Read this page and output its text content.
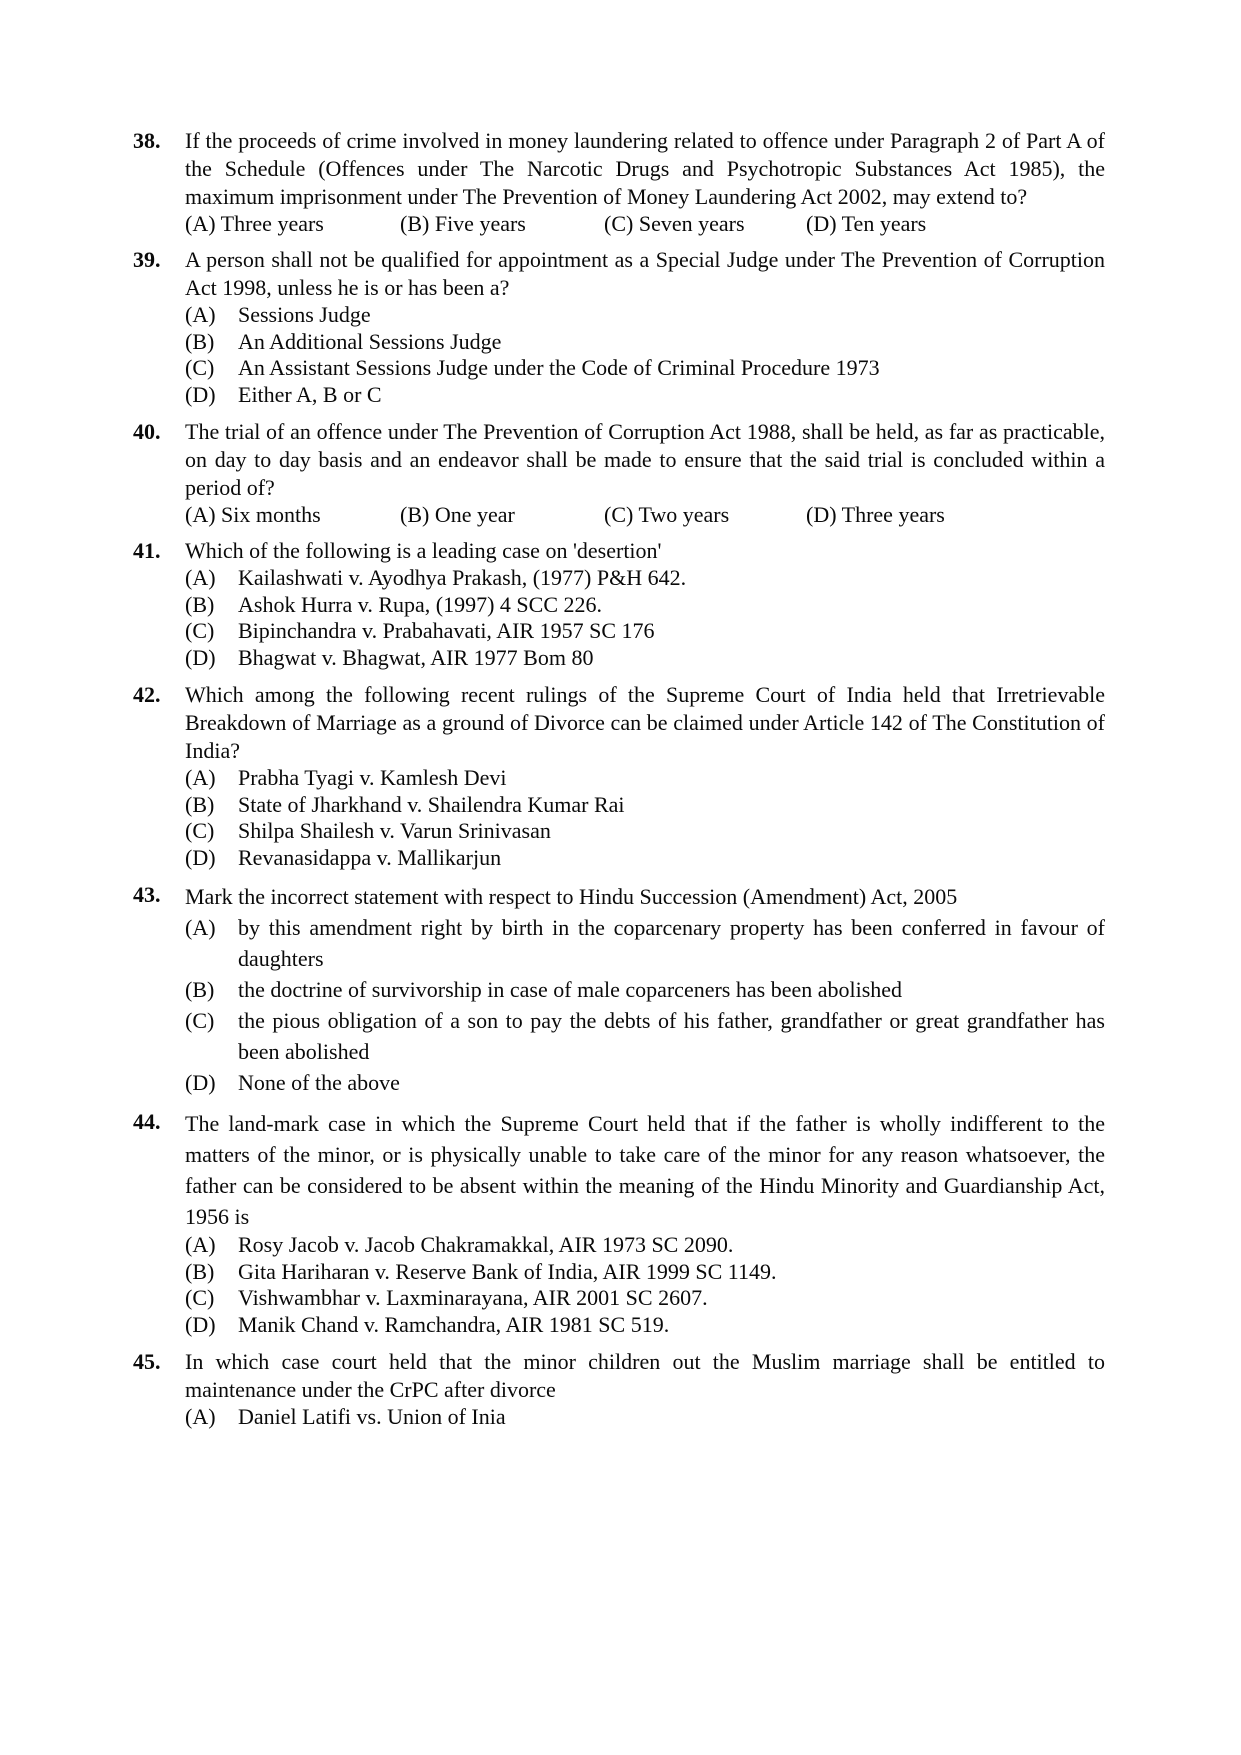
38.	If the proceeds of crime involved in money laundering related to offence under Paragraph 2 of Part A of the Schedule (Offences under The Narcotic Drugs and Psychotropic Substances Act 1985), the maximum imprisonment under The Prevention of Money Laundering Act 2002, may extend to?

(A) Three years	(B) Five years	(C) Seven years	(D) Ten years
39.	A person shall not be qualified for appointment as a Special Judge under The Prevention of Corruption Act 1998, unless he is or has been a?

(A)	Sessions Judge
(B)	An Additional Sessions Judge
(C)	An Assistant Sessions Judge under the Code of Criminal Procedure 1973
(D)	Either A, B or C
40.	The trial of an offence under The Prevention of Corruption Act 1988, shall be held, as far as practicable, on day to day basis and an endeavor shall be made to ensure that the said trial is concluded within a period of?

(A) Six months	(B) One year	(C) Two years	(D) Three years
41.	Which of the following is a leading case on 'desertion'

(A)	Kailashwati v. Ayodhya Prakash, (1977) P&H 642.
(B)	Ashok Hurra v. Rupa, (1997) 4 SCC 226.
(C)	Bipinchandra v. Prabahavati, AIR 1957 SC 176
(D)	Bhagwat v. Bhagwat, AIR 1977 Bom 80
42.	Which among the following recent rulings of the Supreme Court of India held that Irretrievable Breakdown of Marriage as a ground of Divorce can be claimed under Article 142 of The Constitution of India?

(A)	Prabha Tyagi v. Kamlesh Devi
(B)	State of Jharkhand v. Shailendra Kumar Rai
(C)	Shilpa Shailesh v. Varun Srinivasan
(D)	Revanasidappa v. Mallikarjun
43.	Mark the incorrect statement with respect to Hindu Succession (Amendment) Act, 2005

(A)	by this amendment right by birth in the coparcenary property has been conferred in favour of daughters
(B)	the doctrine of survivorship in case of male coparceners has been abolished
(C)	the pious obligation of a son to pay the debts of his father, grandfather or great grandfather has been abolished
(D)	None of the above
44.	The land-mark case in which the Supreme Court held that if the father is wholly indifferent to the matters of the minor, or is physically unable to take care of the minor for any reason whatsoever, the father can be considered to be absent within the meaning of the Hindu Minority and Guardianship Act, 1956 is

(A)	Rosy Jacob v. Jacob Chakramakkal, AIR 1973 SC 2090.
(B)	Gita Hariharan v. Reserve Bank of India, AIR 1999 SC 1149.
(C)	Vishwambhar v. Laxminarayana, AIR 2001 SC 2607.
(D)	Manik Chand v. Ramchandra, AIR 1981 SC 519.
45.	In which case court held that the minor children out the Muslim marriage shall be entitled to maintenance under the CrPC after divorce

(A)	Daniel Latifi vs. Union of Inia
